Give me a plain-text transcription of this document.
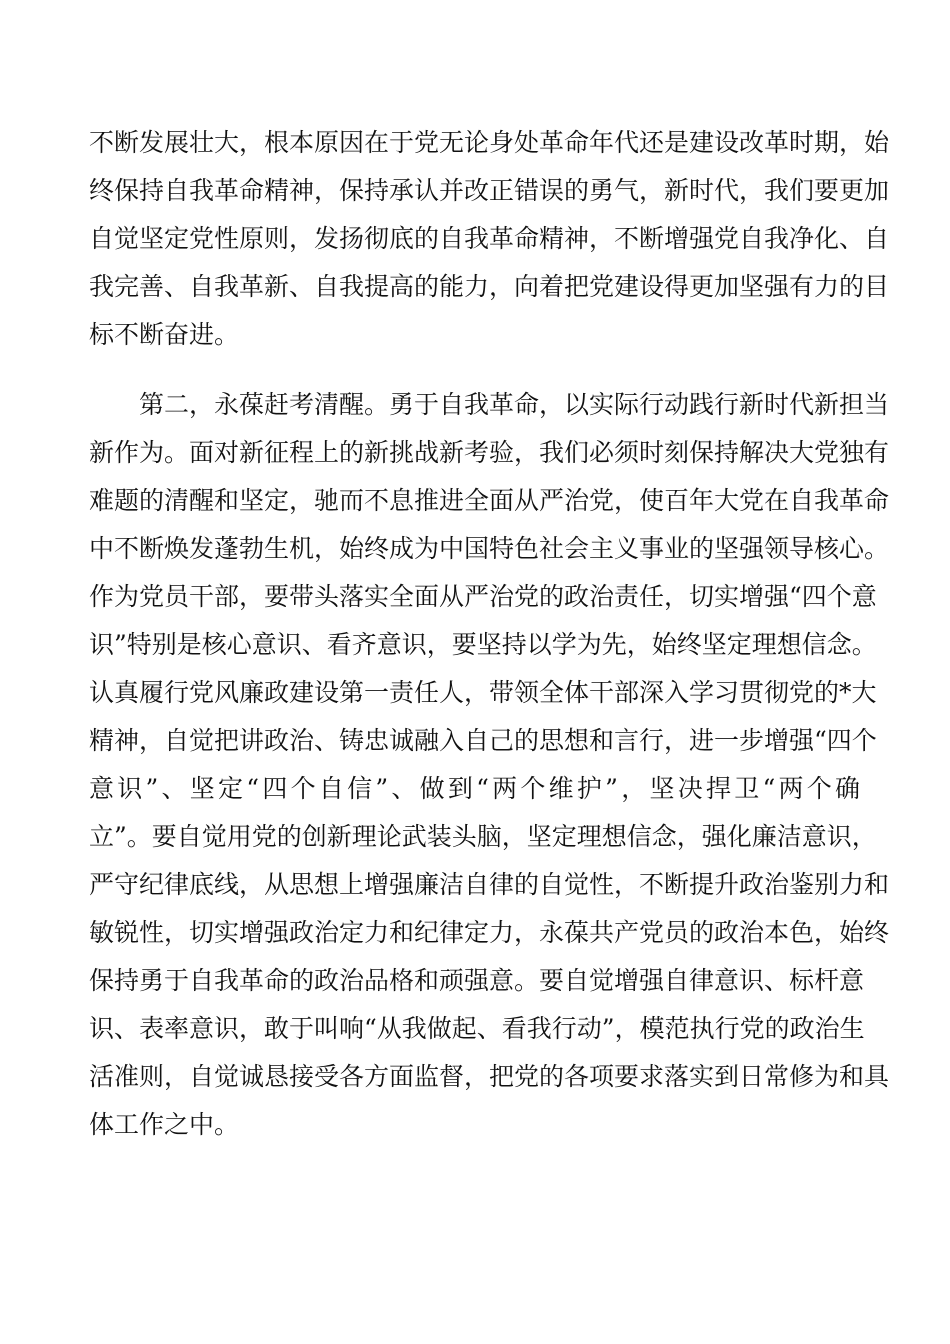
不断发展壮大，根本原因在于党无论身处革命年代还是建设改革时期，始
终保持自我革命精神，保持承认并改正错误的勇气，新时代，我们要更加
自觉坚定党性原则，发扬彻底的自我革命精神，不断增强党自我净化、自
我完善、自我革新、自我提高的能力，向着把党建设得更加坚强有力的目
标不断奋进。
　　第二，永葆赶考清醒。勇于自我革命，以实际行动践行新时代新担当
新作为。面对新征程上的新挑战新考验，我们必须时刻保持解决大党独有
难题的清醒和坚定，驰而不息推进全面从严治党，使百年大党在自我革命
中不断焕发蓬勃生机，始终成为中国特色社会主义事业的坚强领导核心。
作为党员干部，要带头落实全面从严治党的政治责任，切实增强“四个意
识”特别是核心意识、看齐意识，要坚持以学为先，始终坚定理想信念。
认真履行党风廉政建设第一责任人，带领全体干部深入学习贯彻党的*大
精神，自觉把讲政治、铸忠诚融入自己的思想和言行，进一步增强“四个
意识”、坚定“四个自信”、做到“两个维护”，坚决捍卫“两个确
立”。要自觉用党的创新理论武装头脑，坚定理想信念，强化廉洁意识，
严守纪律底线，从思想上增强廉洁自律的自觉性，不断提升政治鉴别力和
敏锐性，切实增强政治定力和纪律定力，永葆共产党员的政治本色，始终
保持勇于自我革命的政治品格和顽强意。要自觉增强自律意识、标杆意
识、表率意识，敢于叫响“从我做起、看我行动”，模范执行党的政治生
活准则，自觉诚恳接受各方面监督，把党的各项要求落实到日常修为和具
体工作之中。
